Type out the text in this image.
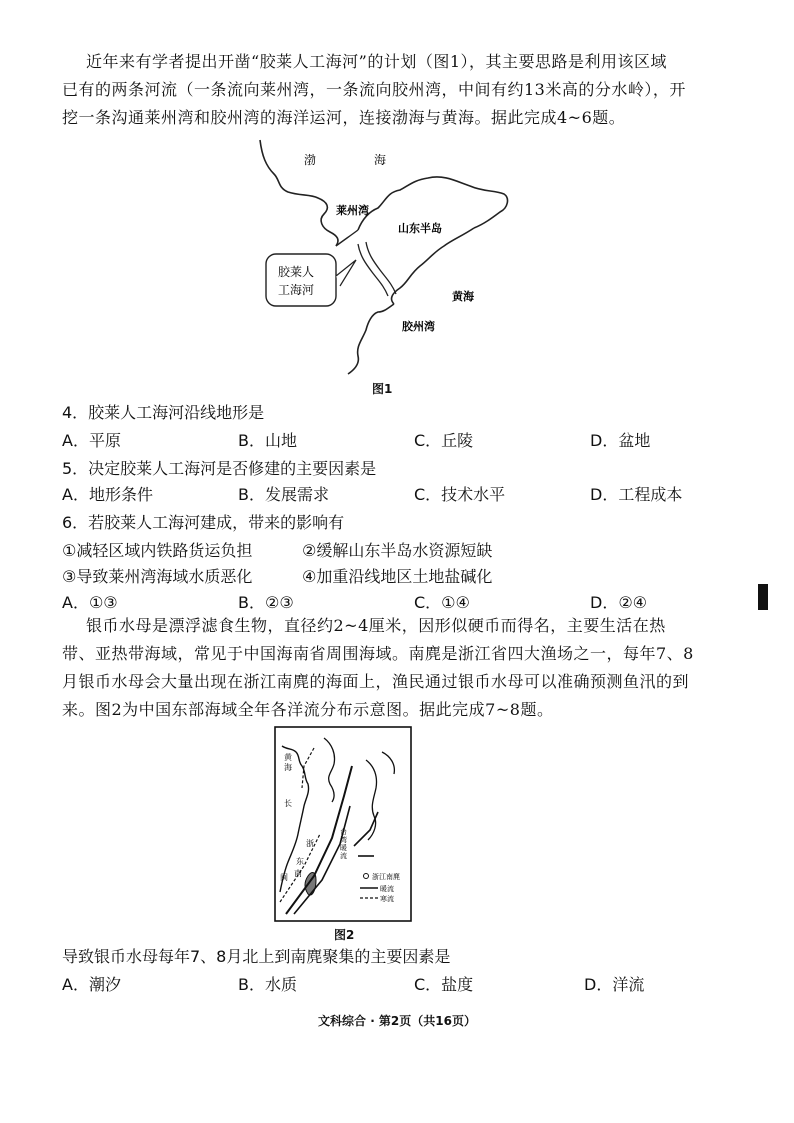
近年来有学者提出开凿“胶莱人工海河”的计划（图1），其主要思路是利用该区域
已有的两条河流（一条流向莱州湾，一条流向胶州湾，中间有约13米高的分水岭），开
挖一条沟通莱州湾和胶州湾的海洋运河，连接渤海与黄海。据此完成4~6题。

渤	海
莱州湾
山东半岛
胶莱人
工海河	黄海
胶州湾
图1

4．胶莱人工海河沿线地形是

A．平原	B．山地	C．丘陵	D．盆地

5．决定胶莱人工海河是否修建的主要因素是

A．地形条件	B．发展需求	C．技术水平	D．工程成本

6．若胶莱人工海河建成，带来的影响有

①减轻区域内铁路货运负担	②缓解山东半岛水资源短缺

③导致莱州湾海域水质恶化	④加重沿线地区土地盐碱化

A．①③	B．②③	C．①④	D．②④

银币水母是漂浮滤食生物，直径约2~4厘米，因形似硬币而得名，主要生活在热
带、亚热带海域，常见于中国海南省周围海域。南麂是浙江省四大渔场之一，每年7、8
月银币水母会大量出现在浙江南麂的海面上，渔民通过银币水母可以准确预测鱼汛的到
来。图2为中国东部海域全年各洋流分布示意图。据此完成7~8题。

黄
海
长
台
湾
暖
流
浙
闽
东
南	浙江南麂
暖流
寒流
图2

导致银币水母每年7、8月北上到南麂聚集的主要因素是

A．潮汐	B．水质	C．盐度	D．洋流

文科综合 · 第2页（共16页）
